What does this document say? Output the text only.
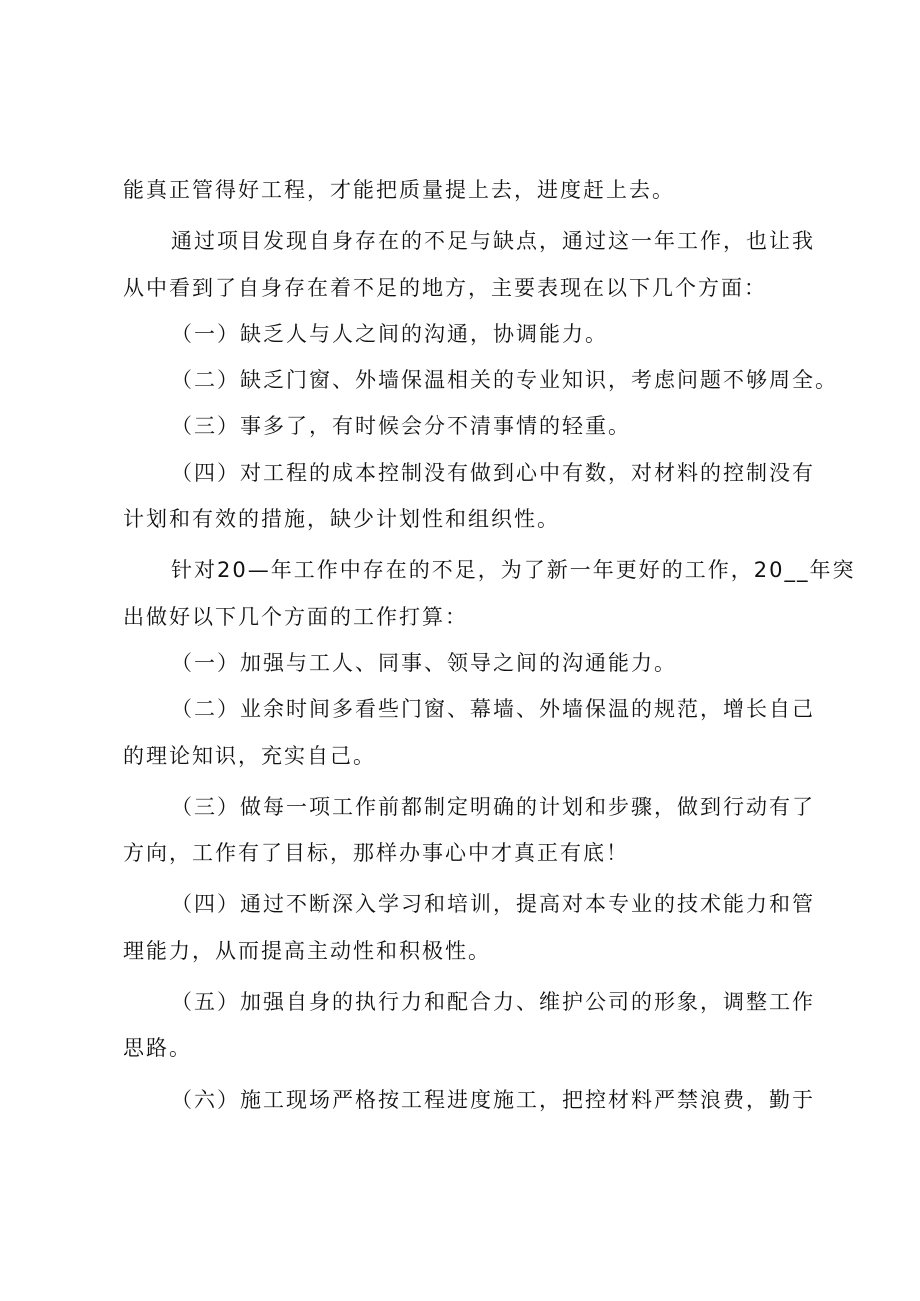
能真正管得好工程，才能把质量提上去，进度赶上去。
通过项目发现自身存在的不足与缺点，通过这一年工作，也让我
从中看到了自身存在着不足的地方，主要表现在以下几个方面：
（一）缺乏人与人之间的沟通，协调能力。
（二）缺乏门窗、外墙保温相关的专业知识，考虑问题不够周全。
（三）事多了，有时候会分不清事情的轻重。
（四）对工程的成本控制没有做到心中有数，对材料的控制没有
计划和有效的措施，缺少计划性和组织性。
针对20—年工作中存在的不足，为了新一年更好的工作，20__年突
出做好以下几个方面的工作打算：
（一）加强与工人、同事、领导之间的沟通能力。
（二）业余时间多看些门窗、幕墙、外墙保温的规范，增长自己
的理论知识，充实自己。
（三）做每一项工作前都制定明确的计划和步骤，做到行动有了
方向，工作有了目标，那样办事心中才真正有底！
（四）通过不断深入学习和培训，提高对本专业的技术能力和管
理能力，从而提高主动性和积极性。
（五）加强自身的执行力和配合力、维护公司的形象，调整工作
思路。
（六）施工现场严格按工程进度施工，把控材料严禁浪费，勤于
